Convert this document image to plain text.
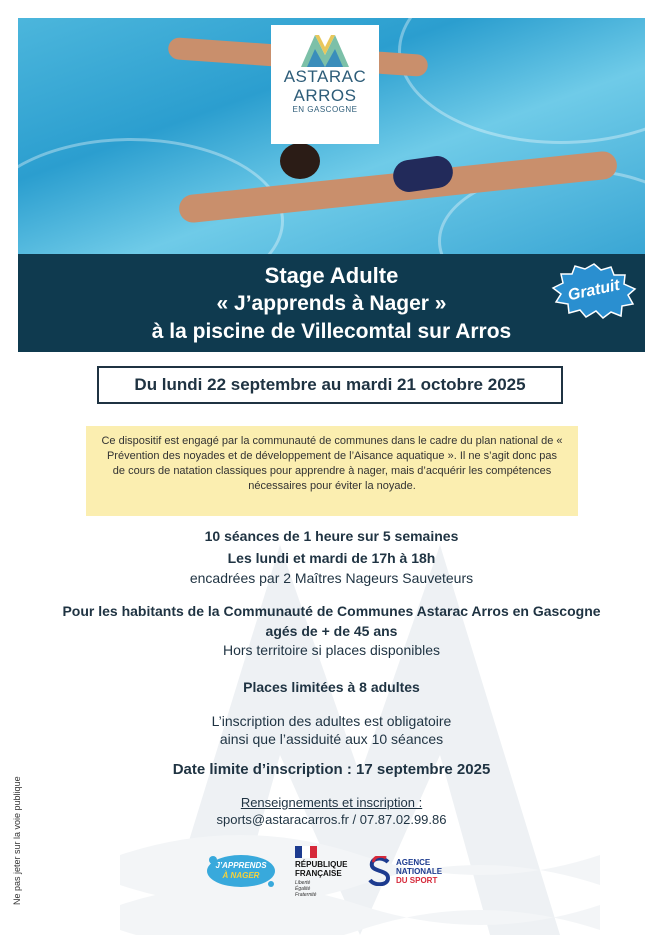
ASTARAC
ARROS
EN GASCOGNE
Stage Adulte
« J’apprends à Nager »
à la piscine de Villecomtal sur Arros
Gratuit
Du lundi 22 septembre au mardi 21 octobre 2025
Ce dispositif est engagé par la communauté de communes dans le cadre du plan national de « Prévention des noyades et de développement de l’Aisance aquatique ». Il ne s’agit donc pas de cours de natation classiques pour apprendre à nager, mais d’acquérir les compétences nécessaires pour éviter la noyade.
10 séances de 1 heure sur 5 semaines
Les lundi et mardi de 17h à 18h
encadrées par 2 Maîtres Nageurs Sauveteurs
Pour les habitants de la Communauté de Communes Astarac Arros en Gascogne
agés de + de 45 ans
Hors territoire si places disponibles
Places limitées à 8 adultes
L’inscription des adultes est obligatoire
ainsi que l’assiduité aux 10 séances
Date limite d’inscription : 17 septembre 2025
Renseignements et inscription :
sports@astaracarros.fr / 07.87.02.99.86
Ne pas jeter sur la voie publique	J’APPRENDS
À NAGER
RÉPUBLIQUE
FRANÇAISE
Liberté
Égalité
Fraternité
AGENCE
NATIONALE
DU SPORT
